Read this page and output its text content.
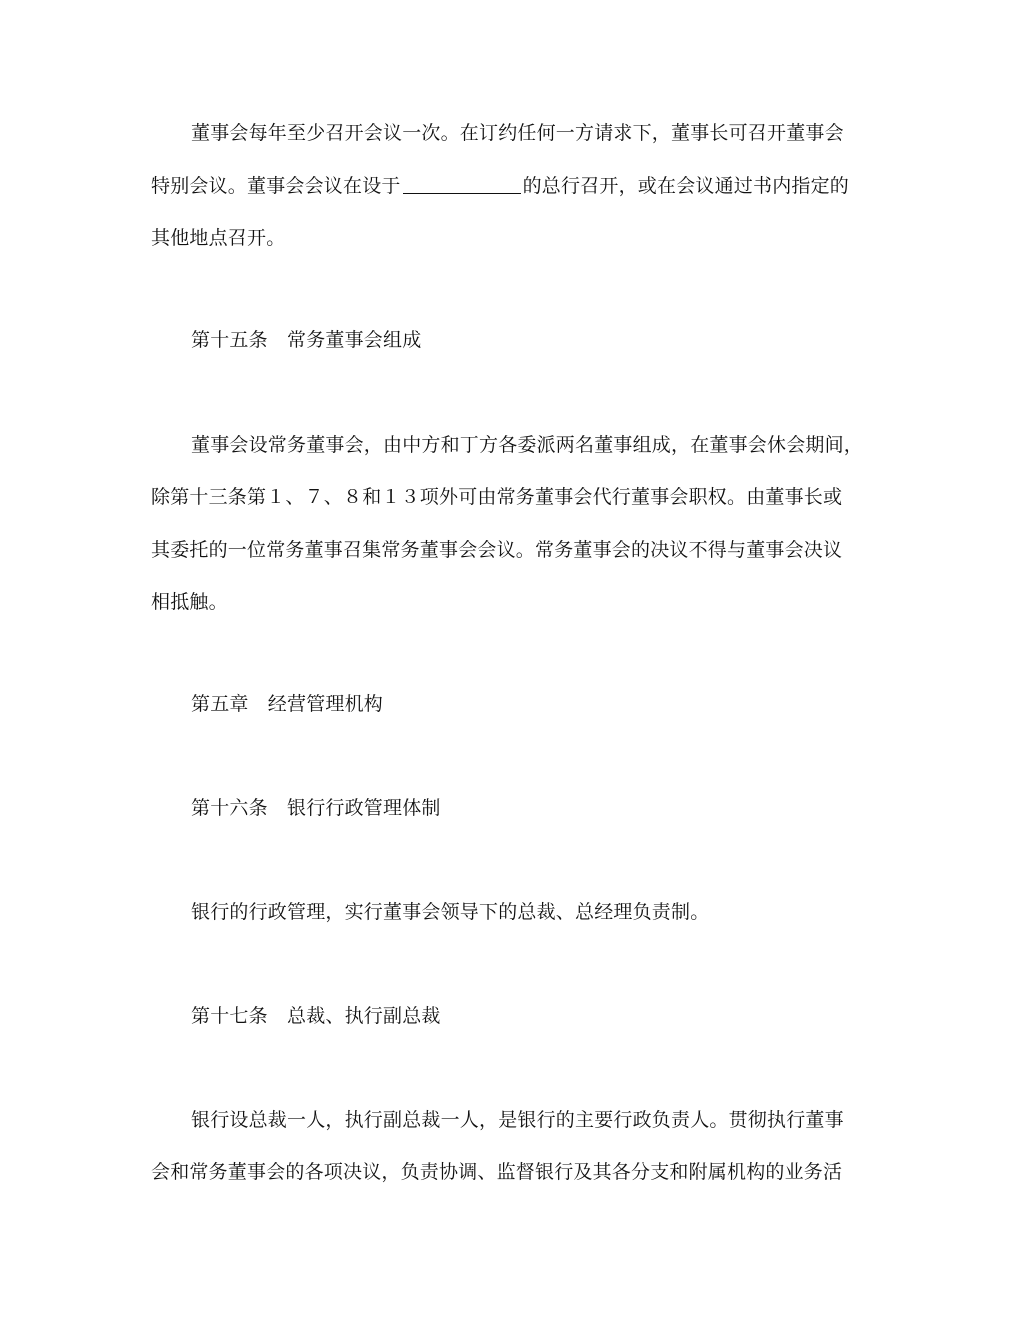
董事会每年至少召开会议一次。在订约任何一方请求下，董事长可召开董事会
特别会议。董事会会议在设于	的总行召开，或在会议通过书内指定的
其他地点召开。
第十五条　常务董事会组成
董事会设常务董事会，由中方和丁方各委派两名董事组成，在董事会休会期间，
除第十三条第１、７、８和１３项外可由常务董事会代行董事会职权。由董事长或
其委托的一位常务董事召集常务董事会会议。常务董事会的决议不得与董事会决议
相抵触。
第五章　经营管理机构
第十六条　银行行政管理体制
银行的行政管理，实行董事会领导下的总裁、总经理负责制。
第十七条　总裁、执行副总裁
银行设总裁一人，执行副总裁一人，是银行的主要行政负责人。贯彻执行董事
会和常务董事会的各项决议，负责协调、监督银行及其各分支和附属机构的业务活
